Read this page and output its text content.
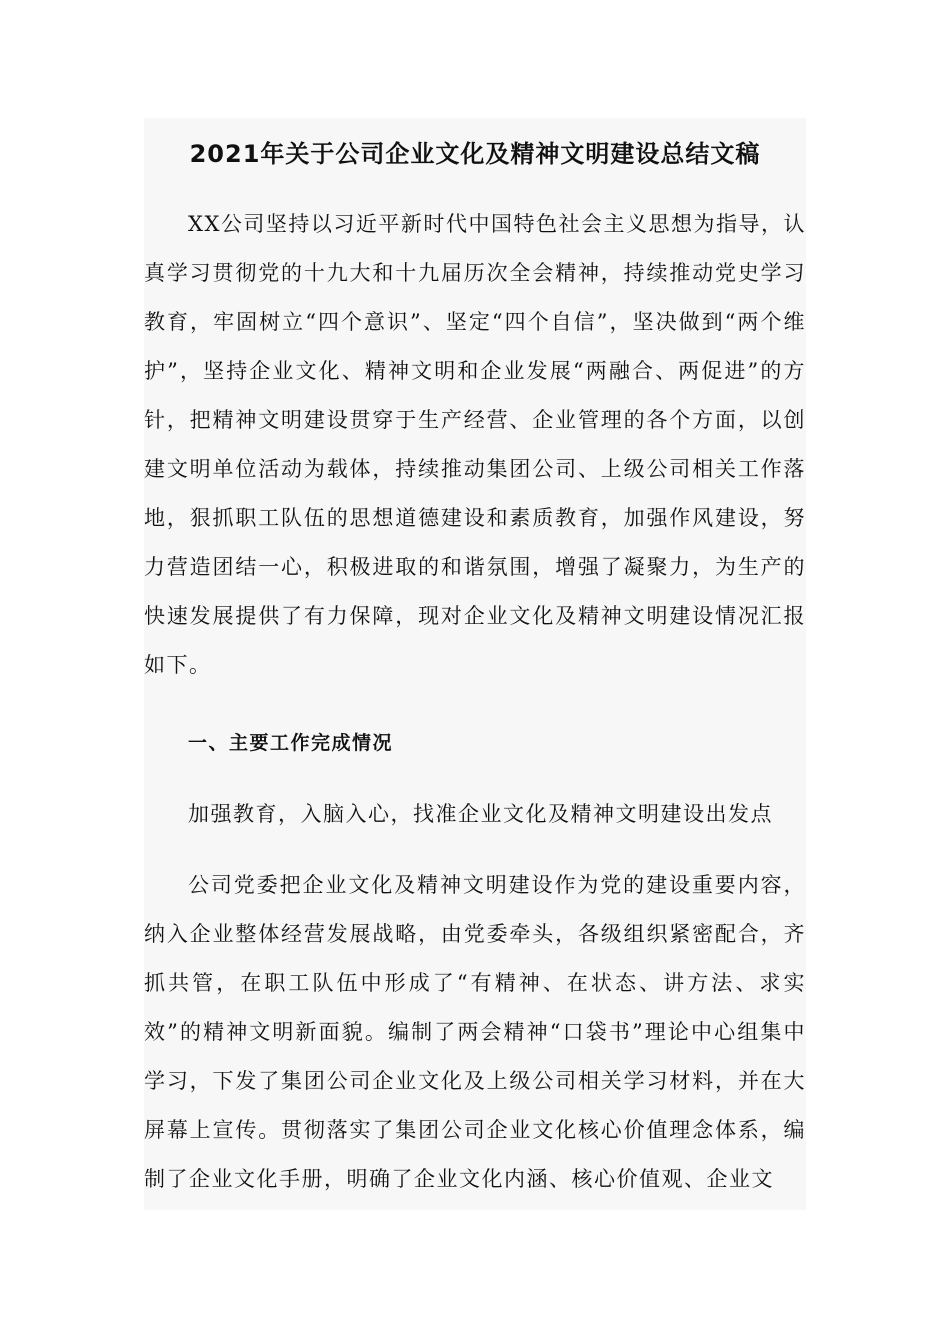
2021年关于公司企业文化及精神文明建设总结文稿

XX公司坚持以习近平新时代中国特色社会主义思想为指导，认真学习贯彻党的十九大和十九届历次全会精神，持续推动党史学习教育，牢固树立“四个意识”、坚定“四个自信”，坚决做到“两个维护”，坚持企业文化、精神文明和企业发展“两融合、两促进”的方针，把精神文明建设贯穿于生产经营、企业管理的各个方面，以创建文明单位活动为载体，持续推动集团公司、上级公司相关工作落地，狠抓职工队伍的思想道德建设和素质教育，加强作风建设，努力营造团结一心，积极进取的和谐氛围，增强了凝聚力，为生产的快速发展提供了有力保障，现对企业文化及精神文明建设情况汇报如下。

一、主要工作完成情况
加强教育，入脑入心，找准企业文化及精神文明建设出发点

公司党委把企业文化及精神文明建设作为党的建设重要内容，纳入企业整体经营发展战略，由党委牵头，各级组织紧密配合，齐抓共管，在职工队伍中形成了“有精神、在状态、讲方法、求实效”的精神文明新面貌。编制了两会精神“口袋书”理论中心组集中学习，下发了集团公司企业文化及上级公司相关学习材料，并在大屏幕上宣传。贯彻落实了集团公司企业文化核心价值理念体系，编制了企业文化手册，明确了企业文化内涵、核心价值观、企业文
